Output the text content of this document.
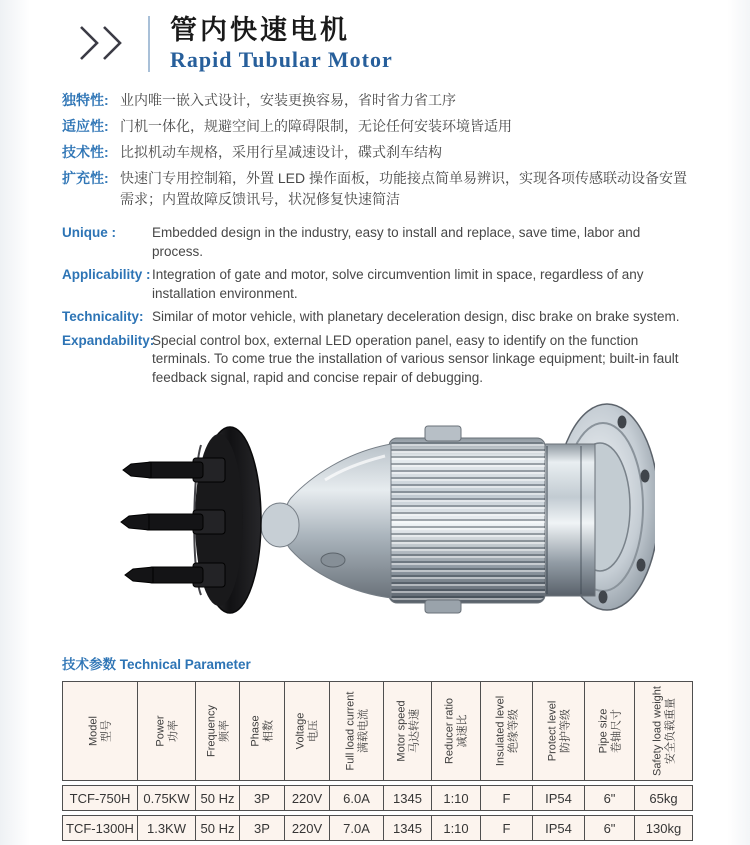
管内快速电机
Rapid Tubular Motor
独特性: 业内唯一嵌入式设计，安装更换容易，省时省力省工序
适应性: 门机一体化，规避空间上的障碍限制，无论任何安装环境皆适用
技术性: 比拟机动车规格，采用行星减速设计，碟式刹车结构
扩充性: 快速门专用控制箱，外置 LED 操作面板，功能接点简单易辨识，实现各项传感联动设备安置需求；内置故障反馈讯号，状况修复快速简洁
Unique :	Embedded design in the industry, easy to install and replace, save time, labor and process.
Applicability : Integration of gate and motor, solve circumvention limit in space, regardless of any installation environment.
Technicality: Similar of motor vehicle, with planetary deceleration design, disc brake on brake system.
Expandability:
Special control box, external LED operation panel, easy to identify on the function terminals. To come true the installation of various sensor linkage equipment; built-in fault feedback signal, rapid and concise repair of debugging.
技术参数 Technical Parameter
Model 型号	Power 功率	Frequency 频率	Phase 相数	Voltage 电压	Full load current 满载电流	Motor speed 马达转速	Reducer ratio 减速比	Insulated level 绝缘等级	Protect level 防护等级	Pipe size 卷轴尺寸	Safety load weight 安全负载重量

TCF-750H	0.75KW	50 Hz	3P	220V	6.0A	1345	1:10	F	IP54	6"	65kg
TCF-1300H	1.3KW	50 Hz	3P	220V	7.0A	1345	1:10	F	IP54	6"	130kg
